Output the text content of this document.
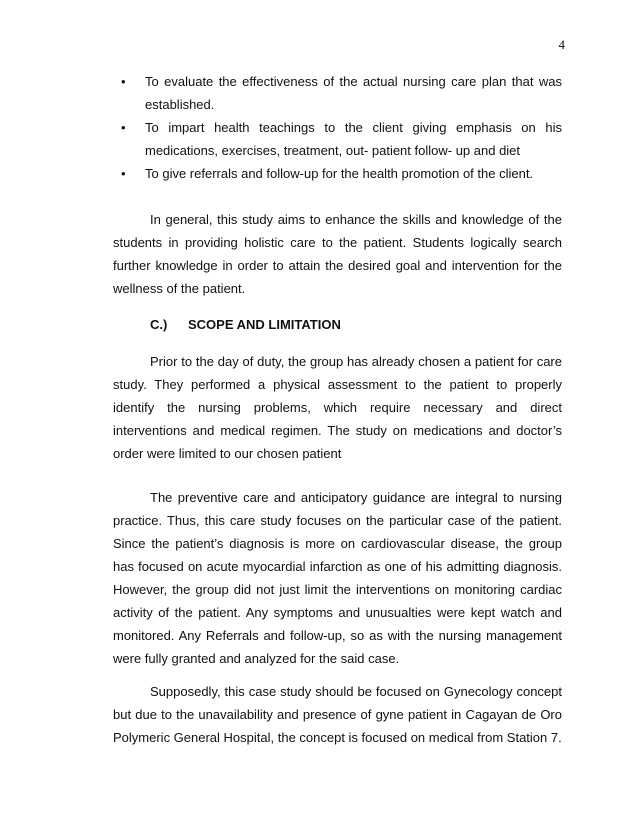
4
• To evaluate the effectiveness of the actual nursing care plan that was established.
• To impart health teachings to the client giving emphasis on his medications, exercises, treatment, out- patient follow- up and diet
• To give referrals and follow-up for the health promotion of the client.

In general, this study aims to enhance the skills and knowledge of the students in providing holistic care to the patient. Students logically search further knowledge in order to attain the desired goal and intervention for the wellness of the patient.

C.) SCOPE AND LIMITATION

Prior to the day of duty, the group has already chosen a patient for care study. They performed a physical assessment to the patient to properly identify the nursing problems, which require necessary and direct interventions and medical regimen. The study on medications and doctor’s order were limited to our chosen patient

The preventive care and anticipatory guidance are integral to nursing practice. Thus, this care study focuses on the particular case of the patient. Since the patient’s diagnosis is more on cardiovascular disease, the group has focused on acute myocardial infarction as one of his admitting diagnosis. However, the group did not just limit the interventions on monitoring cardiac activity of the patient. Any symptoms and unusualties were kept watch and monitored. Any Referrals and follow-up, so as with the nursing management were fully granted and analyzed for the said case.

Supposedly, this case study should be focused on Gynecology concept but due to the unavailability and presence of gyne patient in Cagayan de Oro Polymeric General Hospital, the concept is focused on medical from Station 7.
